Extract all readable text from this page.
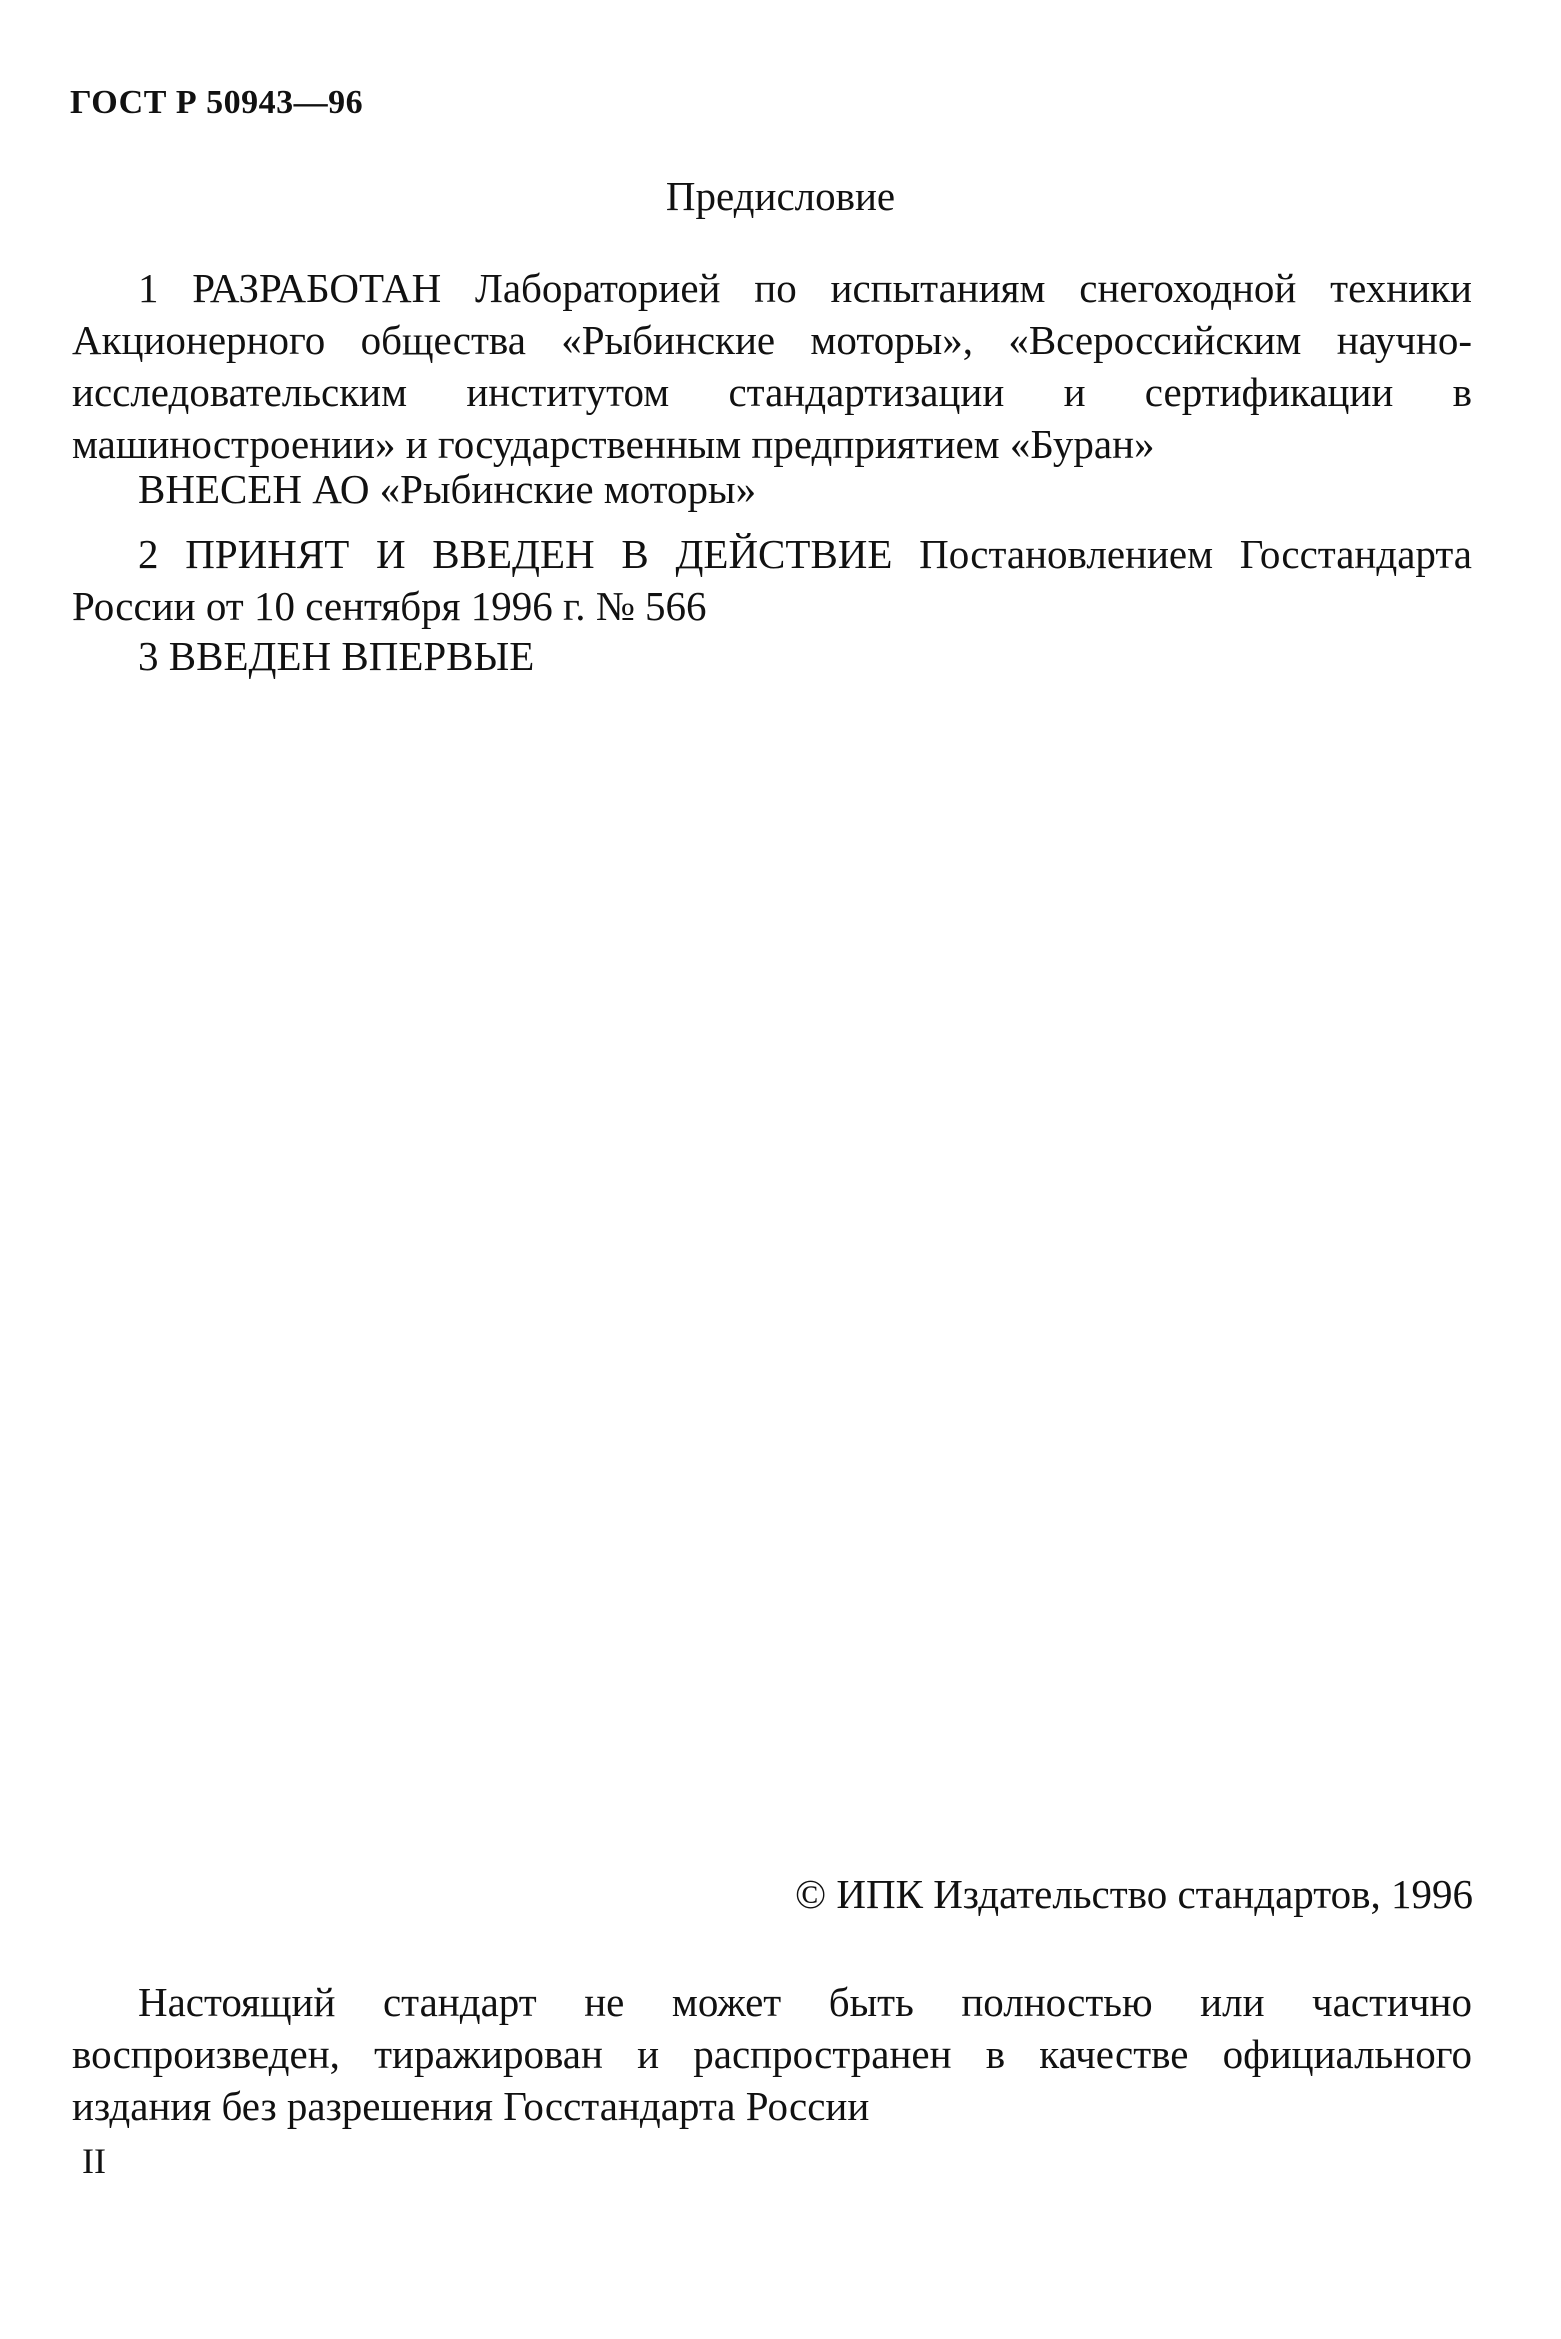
ГОСТ Р 50943—96
Предисловие

1 РАЗРАБОТАН Лабораторией по испытаниям снегоходной техники Акционерного общества «Рыбинские моторы», «Всероссийским научно-исследовательским институтом стандартизации и сертификации в машиностроении» и государственным предприятием «Буран»

ВНЕСЕН АО «Рыбинские моторы»

2 ПРИНЯТ И ВВЕДЕН В ДЕЙСТВИЕ Постановлением Госстандарта России от 10 сентября 1996 г. № 566

3 ВВЕДЕН ВПЕРВЫЕ

© ИПК Издательство стандартов, 1996

Настоящий стандарт не может быть полностью или частично воспроизведен, тиражирован и распространен в качестве официального издания без разрешения Госстандарта России

II
